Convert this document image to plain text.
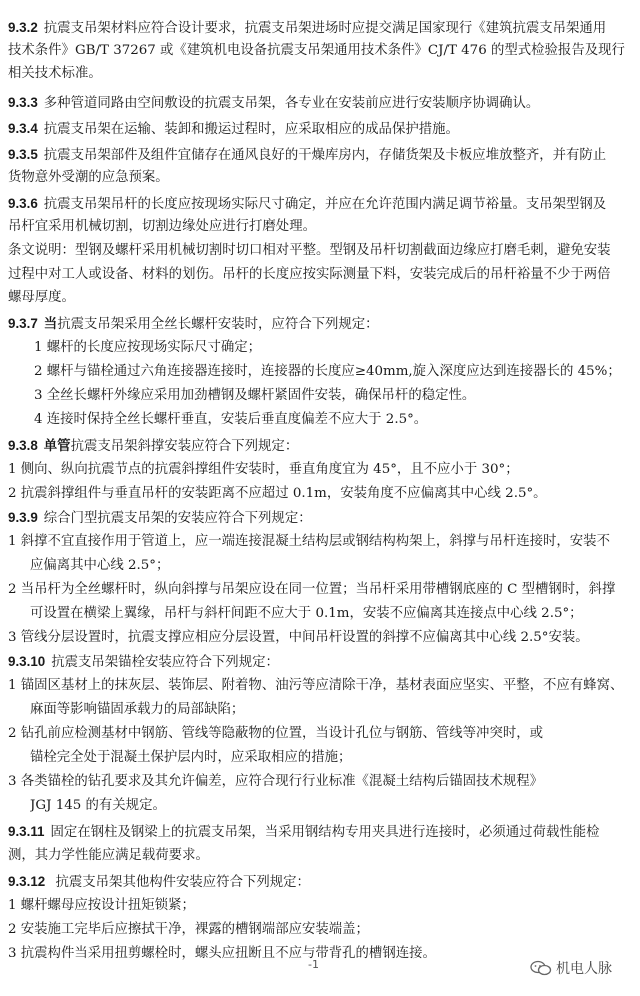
9.3.2 抗震支吊架材料应符合设计要求，抗震支吊架进场时应提交满足国家现行《建筑抗震支吊架通用
技术条件》GB/T 37267 或《建筑机电设备抗震支吊架通用技术条件》CJ/T 476 的型式检验报告及现行
相关技术标准。
9.3.3 多种管道同路由空间敷设的抗震支吊架，各专业在安装前应进行安装顺序协调确认。
9.3.4 抗震支吊架在运输、装卸和搬运过程时，应采取相应的成品保护措施。
9.3.5 抗震支吊架部件及组件宜储存在通风良好的干燥库房内，存储货架及卡板应堆放整齐，并有防止
货物意外受潮的应急预案。
9.3.6 抗震支吊架吊杆的长度应按现场实际尺寸确定，并应在允许范围内满足调节裕量。支吊架型钢及
吊杆宜采用机械切割，切割边缘处应进行打磨处理。
条文说明：型钢及螺杆采用机械切割时切口相对平整。型钢及吊杆切割截面边缘应打磨毛刺，避免安装
过程中对工人或设备、材料的划伤。吊杆的长度应按实际测量下料，安装完成后的吊杆裕量不少于两倍
螺母厚度。
9.3.7 当抗震支吊架采用全丝长螺杆安装时，应符合下列规定：
1 螺杆的长度应按现场实际尺寸确定；
2 螺杆与锚栓通过六角连接器连接时，连接器的长度应≥40mm,旋入深度应达到连接器长的 45%；
3 全丝长螺杆外缘应采用加劲槽钢及螺杆紧固件安装，确保吊杆的稳定性。
4 连接时保持全丝长螺杆垂直，安装后垂直度偏差不应大于 2.5°。
9.3.8 单管抗震支吊架斜撑安装应符合下列规定：
1 侧向、纵向抗震节点的抗震斜撑组件安装时，垂直角度宜为 45°，且不应小于 30°；
2 抗震斜撑组件与垂直吊杆的安装距离不应超过 0.1m，安装角度不应偏离其中心线 2.5°。
9.3.9 综合门型抗震支吊架的安装应符合下列规定：
1 斜撑不宜直接作用于管道上，应一端连接混凝土结构层或钢结构构架上，斜撑与吊杆连接时，安装不
应偏离其中心线 2.5°；
2 当吊杆为全丝螺杆时，纵向斜撑与吊架应设在同一位置；当吊杆采用带槽钢底座的 C 型槽钢时，斜撑
可设置在横梁上翼缘，吊杆与斜杆间距不应大于 0.1m，安装不应偏离其连接点中心线 2.5°；
3 管线分层设置时，抗震支撑应相应分层设置，中间吊杆设置的斜撑不应偏离其中心线 2.5°安装。
9.3.10 抗震支吊架锚栓安装应符合下列规定：
1 锚固区基材上的抹灰层、装饰层、附着物、油污等应清除干净，基材表面应坚实、平整，不应有蜂窝、
麻面等影响锚固承载力的局部缺陷；
2 钻孔前应检测基材中钢筋、管线等隐蔽物的位置，当设计孔位与钢筋、管线等冲突时，或
锚栓完全处于混凝土保护层内时，应采取相应的措施；
3 各类锚栓的钻孔要求及其允许偏差，应符合现行行业标准《混凝土结构后锚固技术规程》
JGJ 145 的有关规定。
9.3.11 固定在钢柱及钢梁上的抗震支吊架，当采用钢结构专用夹具进行连接时，必须通过荷载性能检
测，其力学性能应满足载荷要求。
9.3.12 抗震支吊架其他构件安装应符合下列规定：
1 螺杆螺母应按设计扭矩锁紧；
2 安装施工完毕后应擦拭干净，裸露的槽钢端部应安装端盖；
3 抗震构件当采用扭剪螺栓时，螺头应扭断且不应与带背孔的槽钢连接。
-1	机电人脉
